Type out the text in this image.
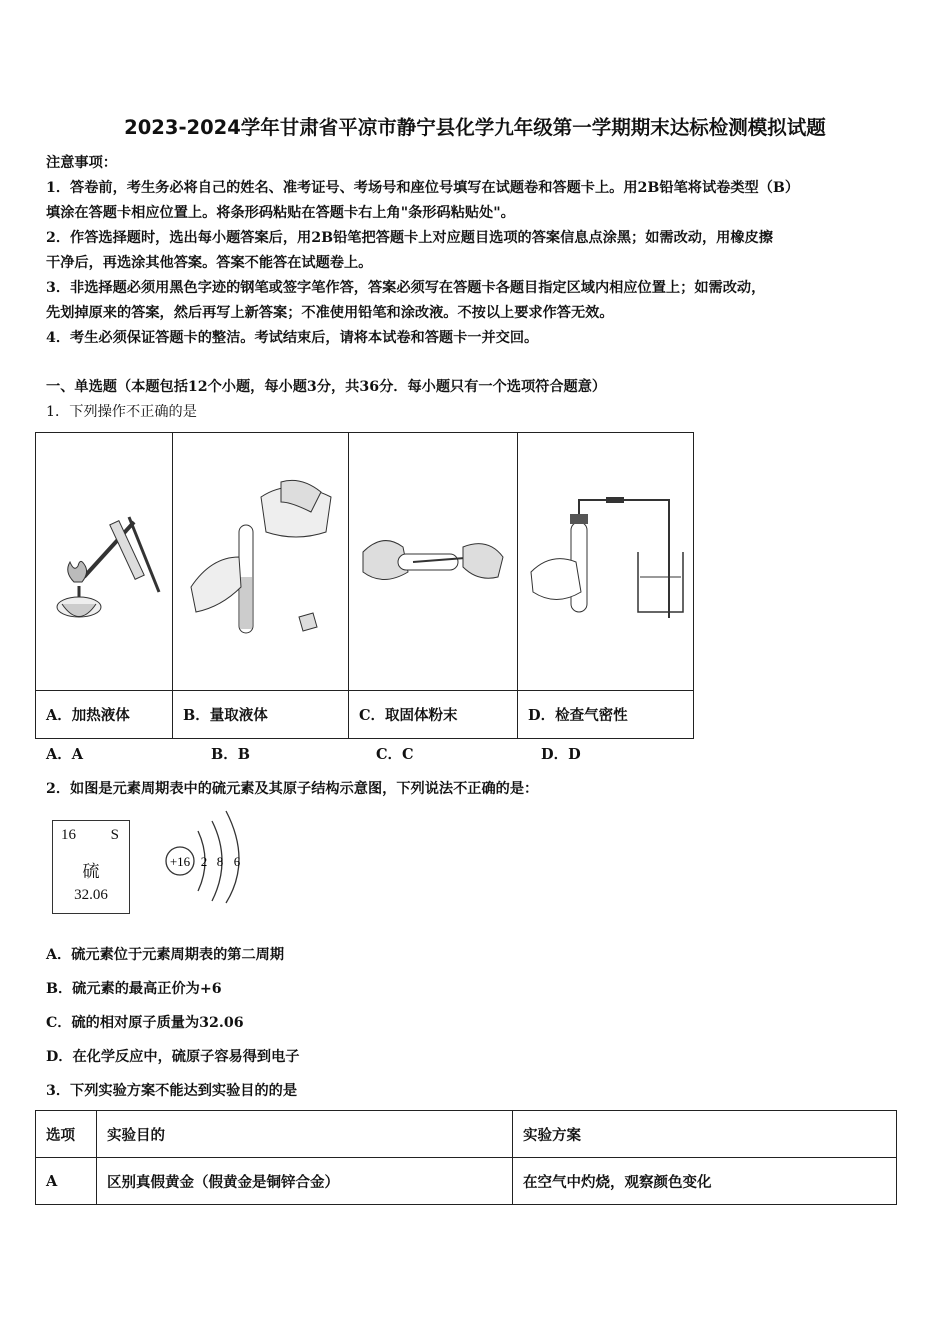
2023-2024学年甘肃省平凉市静宁县化学九年级第一学期期末达标检测模拟试题
注意事项：
1．答卷前，考生务必将自己的姓名、准考证号、考场号和座位号填写在试题卷和答题卡上。用2B铅笔将试卷类型（B）
填涂在答题卡相应位置上。将条形码粘贴在答题卡右上角"条形码粘贴处"。
2．作答选择题时，选出每小题答案后，用2B铅笔把答题卡上对应题目选项的答案信息点涂黑；如需改动，用橡皮擦
干净后，再选涂其他答案。答案不能答在试题卷上。
3．非选择题必须用黑色字迹的钢笔或签字笔作答，答案必须写在答题卡各题目指定区域内相应位置上；如需改动，
先划掉原来的答案，然后再写上新答案；不准使用铅笔和涂改液。不按以上要求作答无效。
4．考生必须保证答题卡的整洁。考试结束后，请将本试卷和答题卡一并交回。
一、单选题（本题包括12个小题，每小题3分，共36分．每小题只有一个选项符合题意）
1．下列操作不正确的是

A．加热液体	B．量取液体	C．取固体粉末	D．检查气密性
A．A	B．B	C．C	D．D
2．如图是元素周期表中的硫元素及其原子结构示意图，下列说法不正确的是：
16 S
硫
32.06
+16 2 8 6
A．硫元素位于元素周期表的第二周期
B．硫元素的最高正价为+6
C．硫的相对原子质量为32.06
D．在化学反应中，硫原子容易得到电子
3．下列实验方案不能达到实验目的的是
选项	实验目的	实验方案
A	区别真假黄金（假黄金是铜锌合金）	在空气中灼烧，观察颜色变化
